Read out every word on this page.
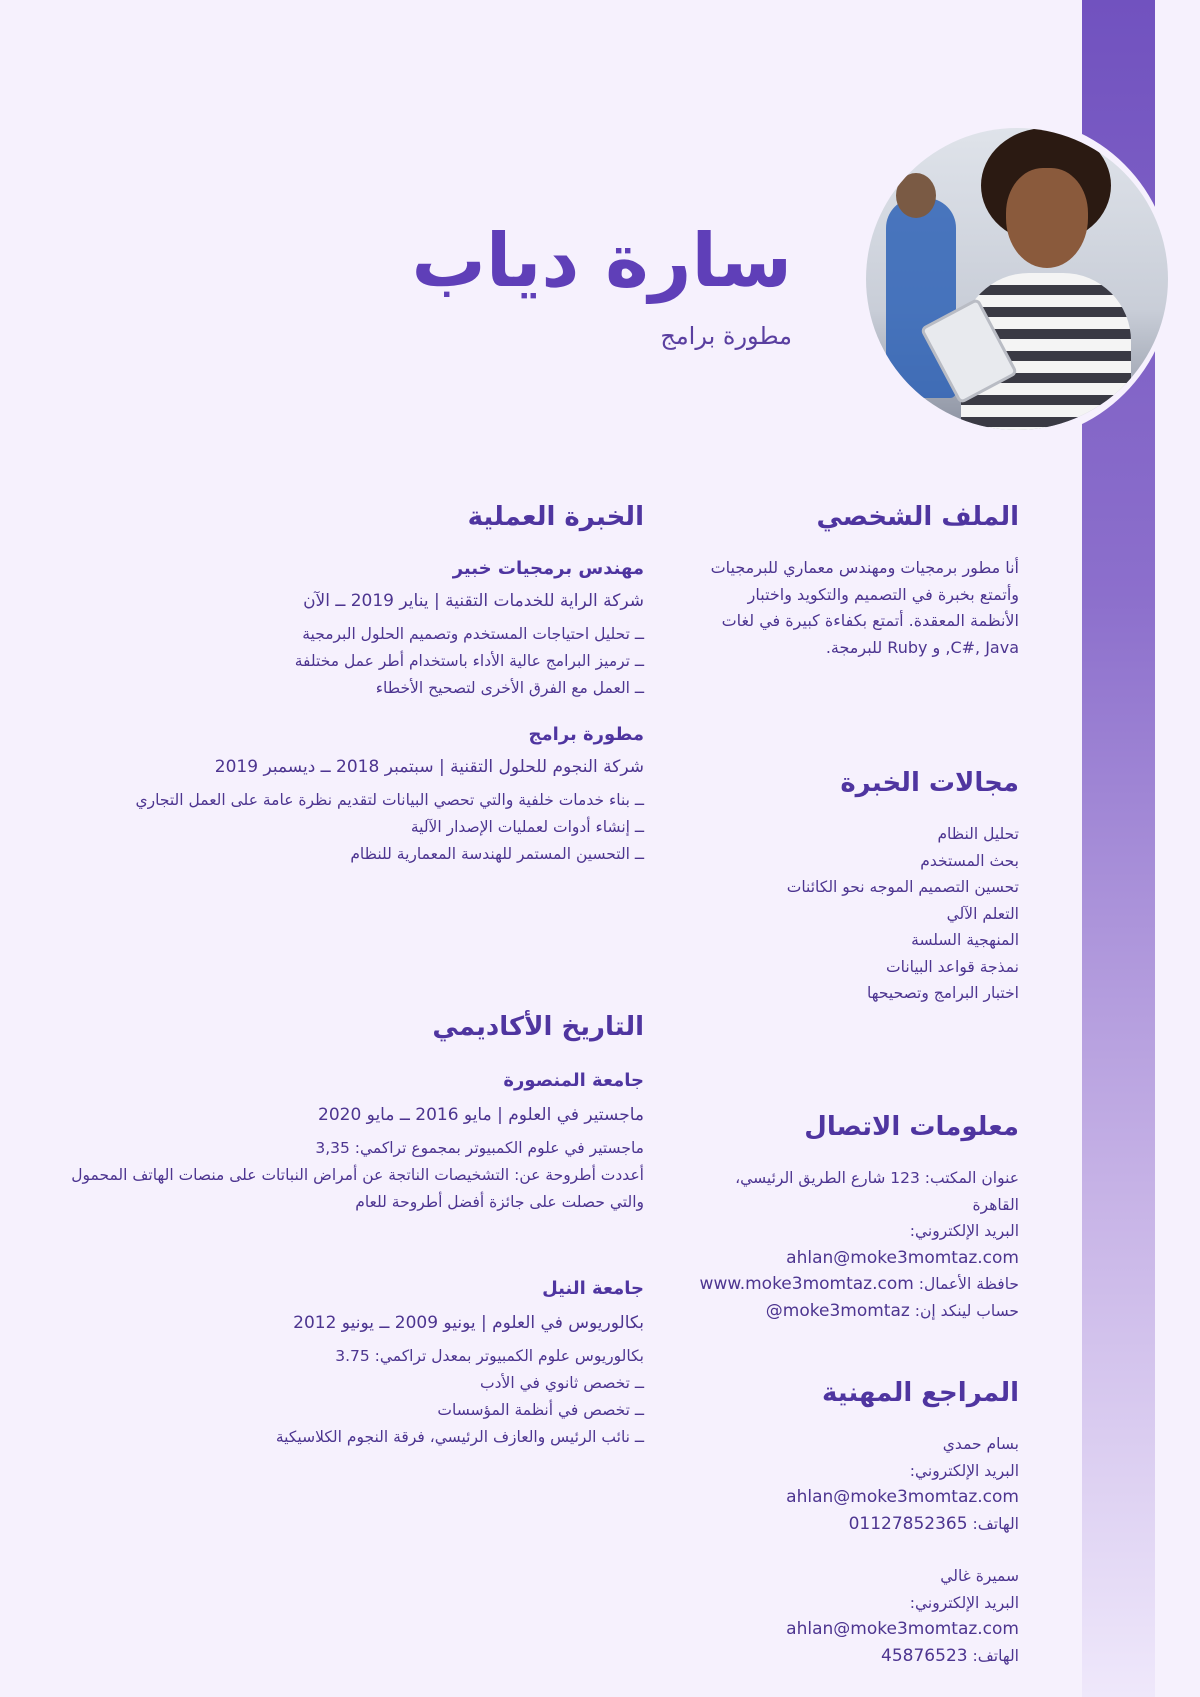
سارة دياب
مطورة برامج
الملف الشخصي
أنا مطور برمجيات ومهندس معماري للبرمجيات
وأتمتع بخبرة في التصميم والتكويد واختبار
الأنظمة المعقدة. أتمتع بكفاءة كبيرة في لغات
C#, Java, و Ruby للبرمجة.
مجالات الخبرة
تحليل النظام
بحث المستخدم
تحسين التصميم الموجه نحو الكائنات
التعلم الآلي
المنهجية السلسة
نمذجة قواعد البيانات
اختبار البرامج وتصحيحها
معلومات الاتصال
عنوان المكتب: 123 شارع الطريق الرئيسي،
القاهرة
البريد الإلكتروني:
ahlan@moke3momtaz.com
حافظة الأعمال: www.moke3momtaz.com
حساب لينكد إن: @moke3momtaz
المراجع المهنية
بسام حمدي
البريد الإلكتروني:
ahlan@moke3momtaz.com
الهاتف: 01127852365
سميرة غالي
البريد الإلكتروني:
ahlan@moke3momtaz.com
الهاتف: 45876523
الخبرة العملية
مهندس برمجيات خبير
شركة الراية للخدمات التقنية | يناير 2019 ــ الآن
ــ تحليل احتياجات المستخدم وتصميم الحلول البرمجية
ــ ترميز البرامج عالية الأداء باستخدام أطر عمل مختلفة
ــ العمل مع الفرق الأخرى لتصحيح الأخطاء
مطورة برامج
شركة النجوم للحلول التقنية | سبتمبر 2018 ــ ديسمبر 2019
ــ بناء خدمات خلفية والتي تحصي البيانات لتقديم نظرة عامة على العمل التجاري
ــ إنشاء أدوات لعمليات الإصدار الآلية
ــ التحسين المستمر للهندسة المعمارية للنظام
التاريخ الأكاديمي
جامعة المنصورة
ماجستير في العلوم | مايو 2016 ــ مايو 2020
ماجستير في علوم الكمبيوتر بمجموع تراكمي: 3,35
أعددت أطروحة عن: التشخيصات الناتجة عن أمراض النباتات على منصات الهاتف المحمول
والتي حصلت على جائزة أفضل أطروحة للعام
جامعة النيل
بكالوريوس في العلوم | يونيو 2009 ــ يونيو 2012
بكالوريوس علوم الكمبيوتر بمعدل تراكمي: 3.75
ــ تخصص ثانوي في الأدب
ــ تخصص في أنظمة المؤسسات
ــ نائب الرئيس والعازف الرئيسي، فرقة النجوم الكلاسيكية
